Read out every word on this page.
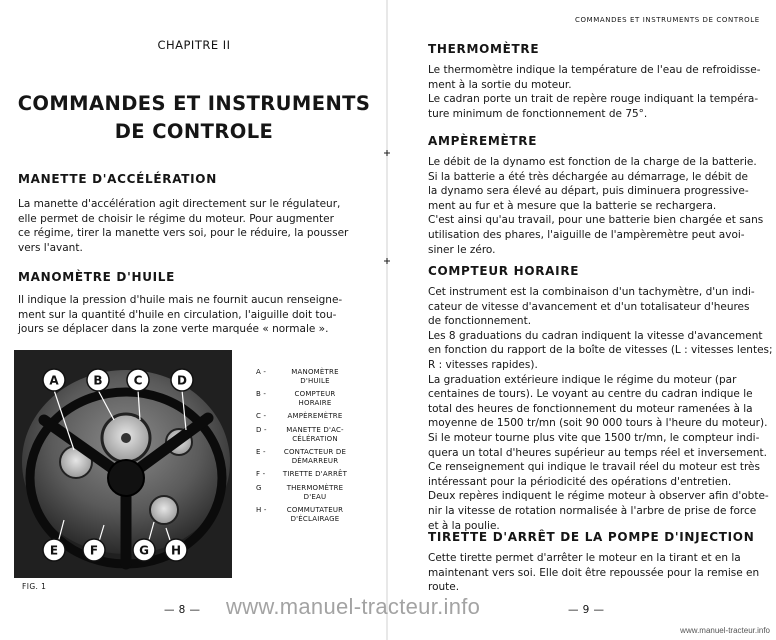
CHAPITRE II
COMMANDES ET INSTRUMENTS
DE CONTROLE
MANETTE D'ACCÉLÉRATION
La manette d'accélération agit directement sur le régulateur,
elle permet de choisir le régime du moteur. Pour augmenter
ce régime, tirer la manette vers soi, pour le réduire, la pousser
vers l'avant.
MANOMÈTRE D'HUILE
Il indique la pression d'huile mais ne fournit aucun renseigne-
ment sur la quantité d'huile en circulation, l'aiguille doit tou-
jours se déplacer dans la zone verte marquée « normale ».
A -	MANOMÈTRE
D'HUILE
B -	COMPTEUR
HORAIRE
C -	AMPÈREMÈTRE
D -	MANETTE D'AC-
CÉLÉRATION
E -	CONTACTEUR DE
DÉMARREUR
F -	TIRETTE D'ARRÊT
G	THERMOMÈTRE
D'EAU
H -	COMMUTATEUR
D'ÉCLAIRAGE
FIG. 1
— 8 —
A	B	C	D
E	F	G H
COMMANDES ET INSTRUMENTS DE CONTROLE
THERMOMÈTRE
Le thermomètre indique la température de l'eau de refroidisse-
ment à la sortie du moteur.
Le cadran porte un trait de repère rouge indiquant la tempéra-
ture minimum de fonctionnement de 75°.
AMPÈREMÈTRE
Le débit de la dynamo est fonction de la charge de la batterie.
Si la batterie a été très déchargée au démarrage, le débit de
la dynamo sera élevé au départ, puis diminuera progressive-
ment au fur et à mesure que la batterie se rechargera.
C'est ainsi qu'au travail, pour une batterie bien chargée et sans
utilisation des phares, l'aiguille de l'ampèremètre peut avoi-
siner le zéro.
COMPTEUR HORAIRE
Cet instrument est la combinaison d'un tachymètre, d'un indi-
cateur de vitesse d'avancement et d'un totalisateur d'heures
de fonctionnement.
Les 8 graduations du cadran indiquent la vitesse d'avancement
en fonction du rapport de la boîte de vitesses (L : vitesses lentes;
R : vitesses rapides).
La graduation extérieure indique le régime du moteur (par
centaines de tours). Le voyant au centre du cadran indique le
total des heures de fonctionnement du moteur ramenées à la
moyenne de 1500 tr/mn (soit 90 000 tours à l'heure du moteur).
Si le moteur tourne plus vite que 1500 tr/mn, le compteur indi-
quera un total d'heures supérieur au temps réel et inversement.
Ce renseignement qui indique le travail réel du moteur est très
intéressant pour la périodicité des opérations d'entretien.
Deux repères indiquent le régime moteur à observer afin d'obte-
nir la vitesse de rotation normalisée à l'arbre de prise de force
et à la poulie.
TIRETTE D'ARRÊT DE LA POMPE D'INJECTION
Cette tirette permet d'arrêter le moteur en la tirant et en la
maintenant vers soi. Elle doit être repoussée pour la remise en
route.
— 9 —
www.manuel-tracteur.info
www.manuel-tracteur.info
